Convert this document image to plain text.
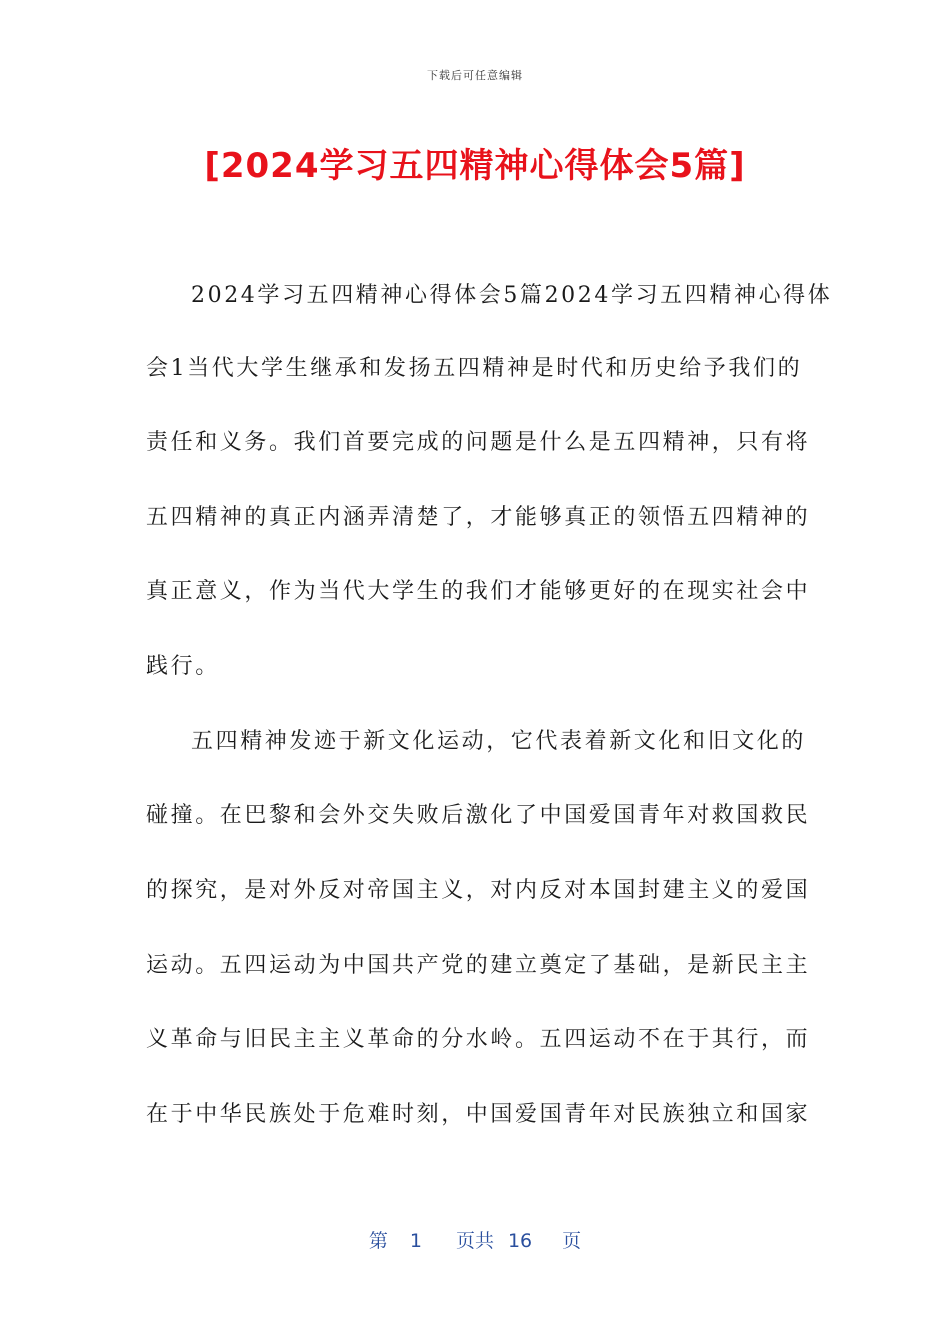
下载后可任意编辑
[2024学习五四精神心得体会5篇]
2024学习五四精神心得体会5篇2024学习五四精神心得体
会1当代大学生继承和发扬五四精神是时代和历史给予我们的
责任和义务。我们首要完成的问题是什么是五四精神，只有将
五四精神的真正内涵弄清楚了，才能够真正的领悟五四精神的
真正意义，作为当代大学生的我们才能够更好的在现实社会中
践行。
五四精神发迹于新文化运动，它代表着新文化和旧文化的
碰撞。在巴黎和会外交失败后激化了中国爱国青年对救国救民
的探究，是对外反对帝国主义，对内反对本国封建主义的爱国
运动。五四运动为中国共产党的建立奠定了基础，是新民主主
义革命与旧民主主义革命的分水岭。五四运动不在于其行，而
在于中华民族处于危难时刻，中国爱国青年对民族独立和国家
第 1 页共 16 页
